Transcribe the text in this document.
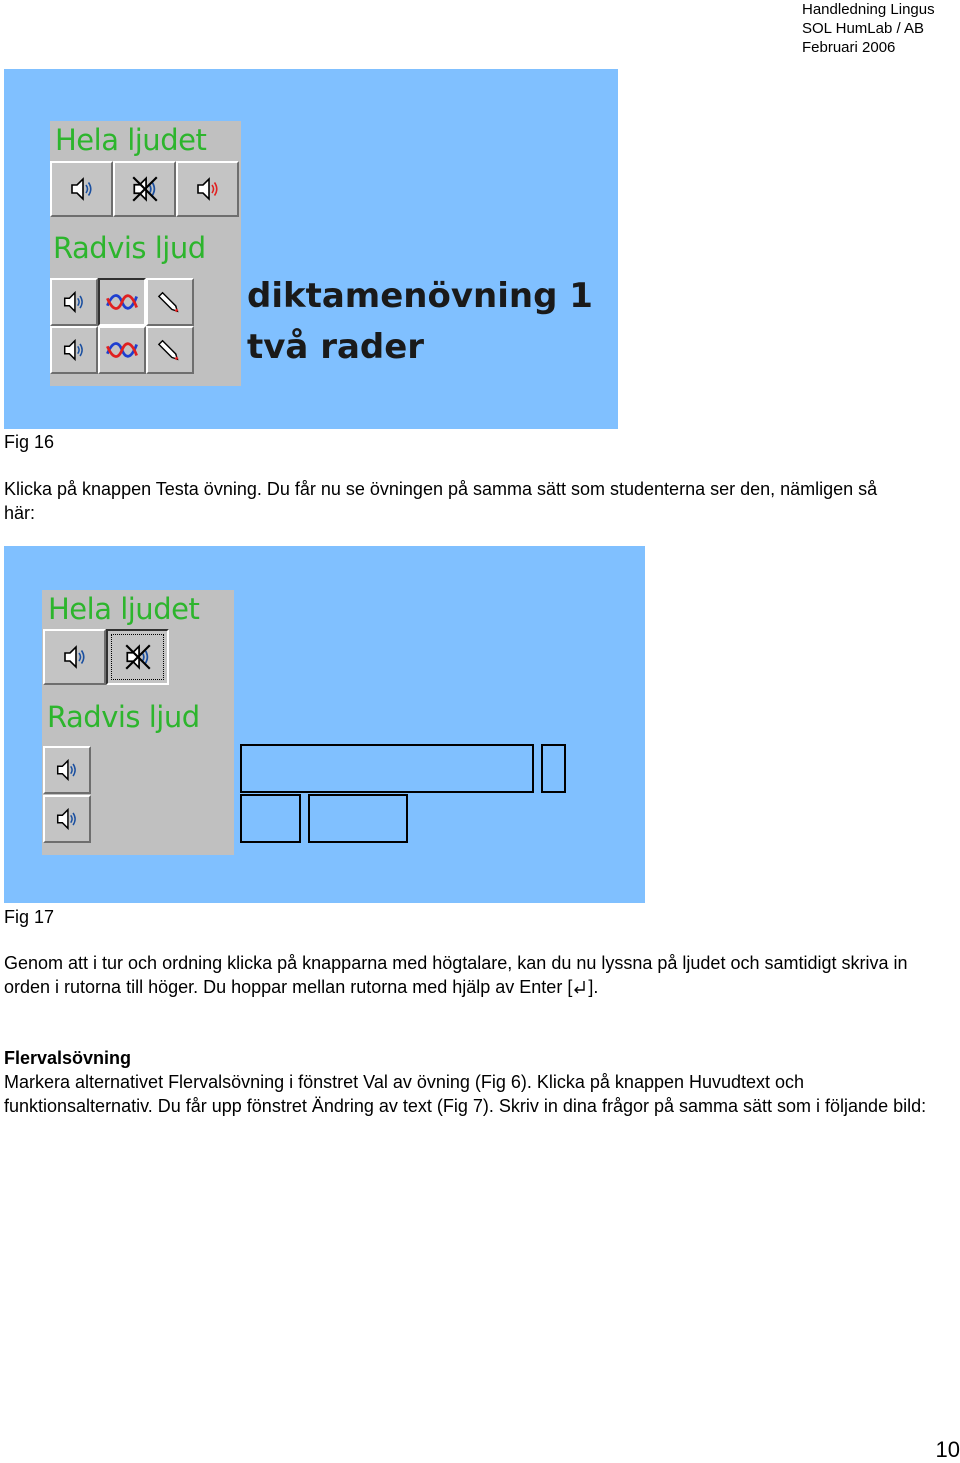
Handledning Lingus
SOL HumLab / AB
Februari 2006
Hela ljudet
Radvis ljud
diktamenövning 1
två rader
Fig 16
Klicka på knappen Testa övning. Du får nu se övningen på samma sätt som studenterna ser den, nämligen så här:
Hela ljudet
Radvis ljud
Fig 17
Genom att i tur och ordning klicka på knapparna med högtalare, kan du nu lyssna på ljudet och samtidigt skriva in orden i rutorna till höger. Du hoppar mellan rutorna med hjälp av Enter [ ].
Flervalsövning
Markera alternativet Flervalsövning i fönstret Val av övning (Fig 6). Klicka på knappen Huvudtext och funktionsalternativ. Du får upp fönstret Ändring av text (Fig 7). Skriv in dina frågor på samma sätt som i följande bild:
10
